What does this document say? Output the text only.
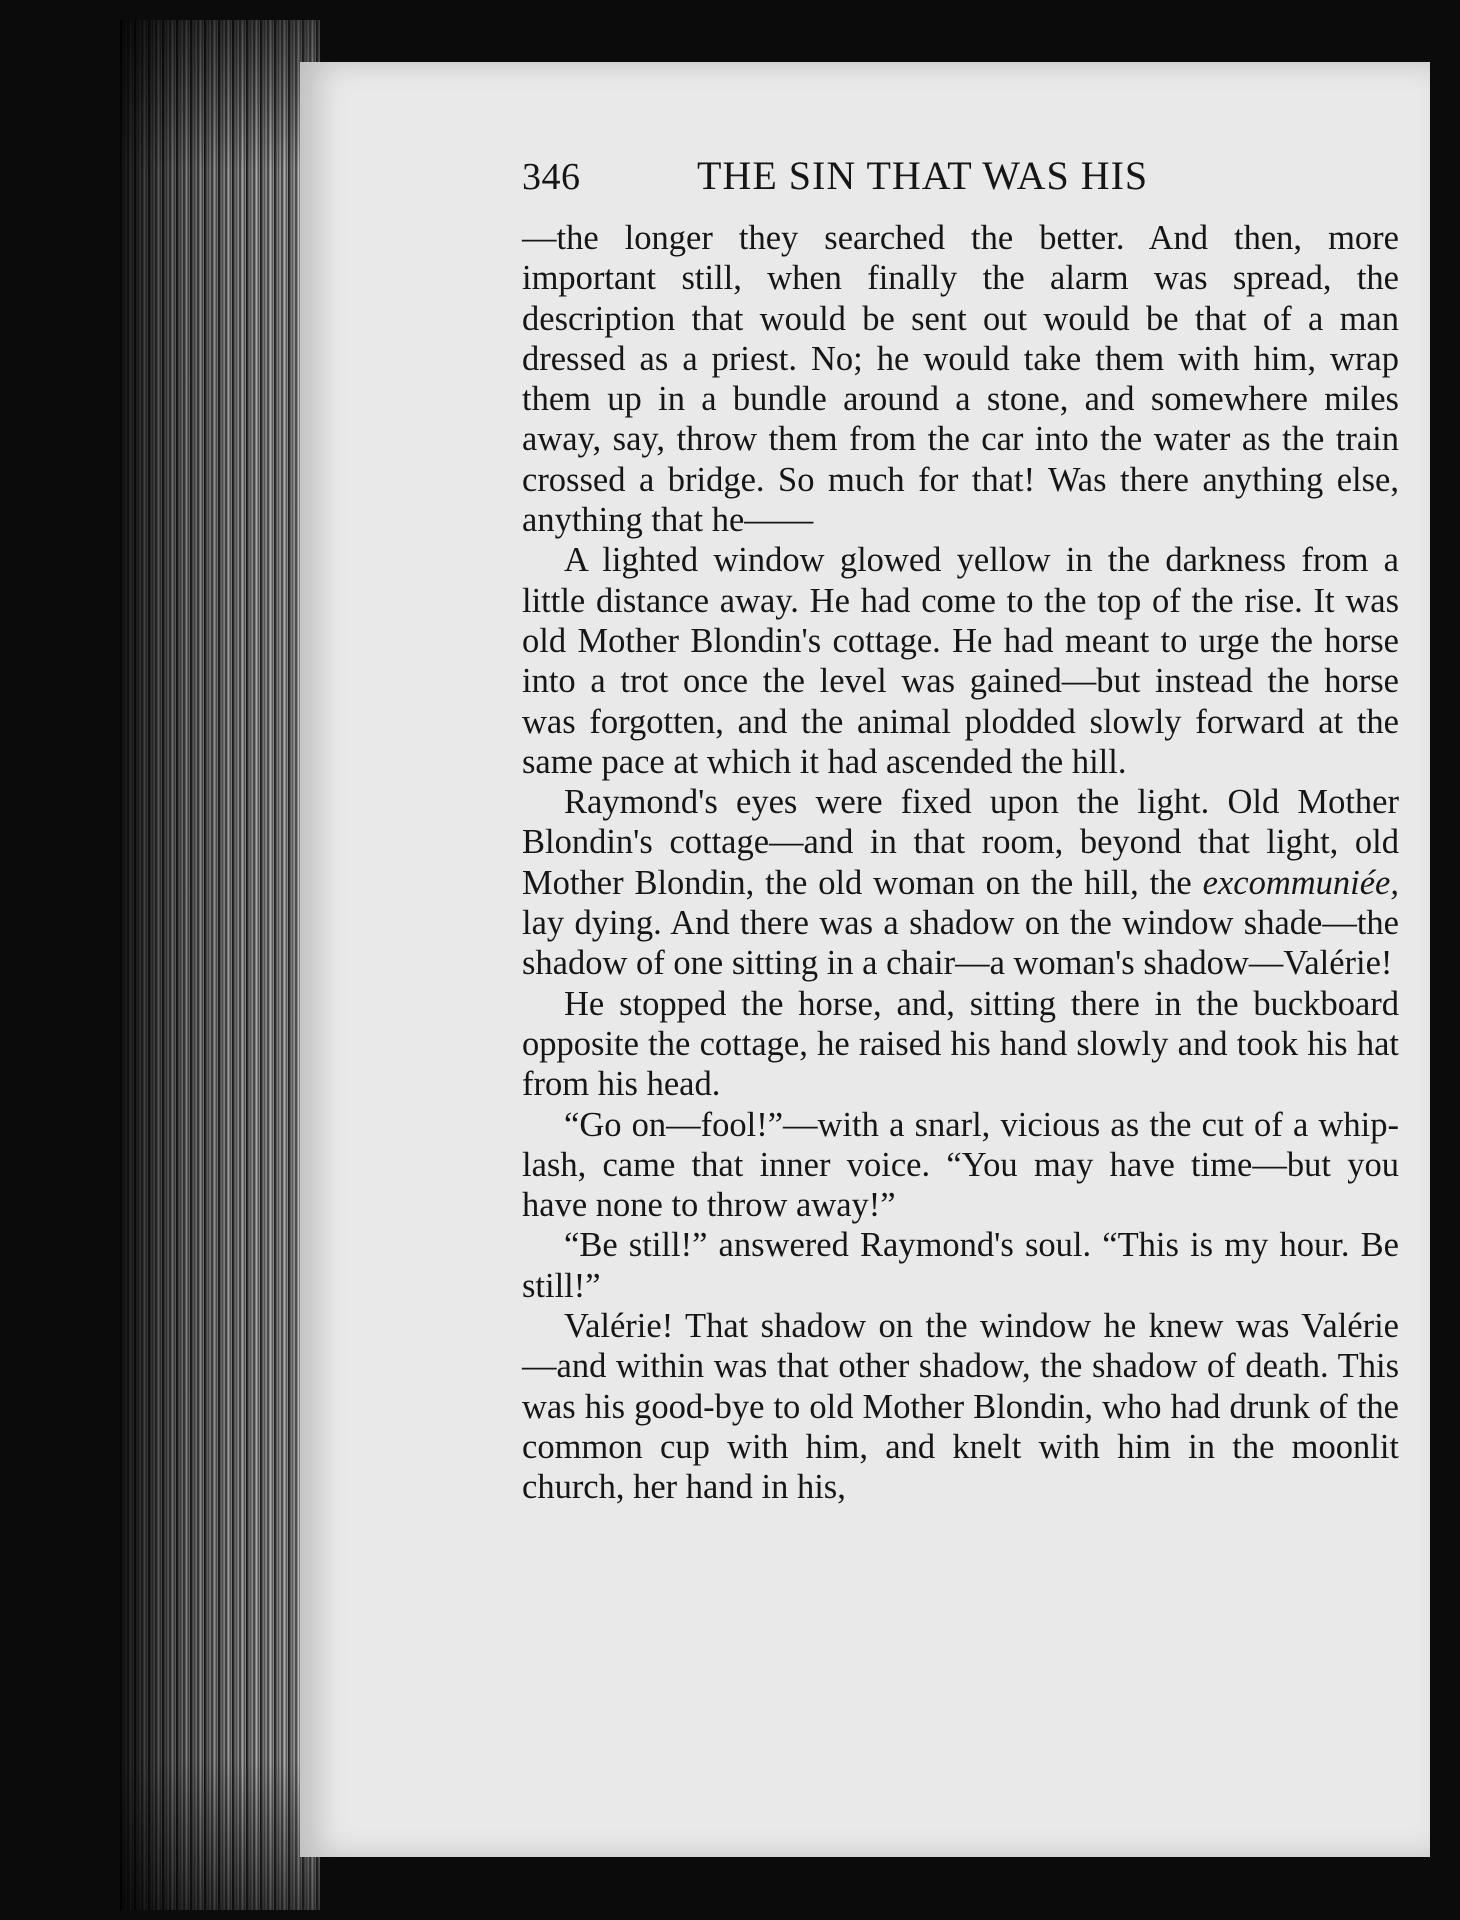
346	THE SIN THAT WAS HIS

—the longer they searched the better. And then, more important still, when finally the alarm was spread, the description that would be sent out would be that of a man dressed as a priest. No; he would take them with him, wrap them up in a bundle around a stone, and somewhere miles away, say, throw them from the car into the water as the train crossed a bridge. So much for that! Was there anything else, anything that he——

A lighted window glowed yellow in the darkness from a little distance away. He had come to the top of the rise. It was old Mother Blondin's cottage. He had meant to urge the horse into a trot once the level was gained—but instead the horse was forgotten, and the animal plodded slowly forward at the same pace at which it had ascended the hill.

Raymond's eyes were fixed upon the light. Old Mother Blondin's cottage—and in that room, beyond that light, old Mother Blondin, the old woman on the hill, the excommuniée, lay dying. And there was a shadow on the window shade—the shadow of one sitting in a chair—a woman's shadow—Valérie!

He stopped the horse, and, sitting there in the buckboard opposite the cottage, he raised his hand slowly and took his hat from his head.

“Go on—fool!”—with a snarl, vicious as the cut of a whip-lash, came that inner voice. “You may have time—but you have none to throw away!”

“Be still!” answered Raymond's soul. “This is my hour. Be still!”

Valérie! That shadow on the window he knew was Valérie—and within was that other shadow, the shadow of death. This was his good-bye to old Mother Blondin, who had drunk of the common cup with him, and knelt with him in the moonlit church, her hand in his,
